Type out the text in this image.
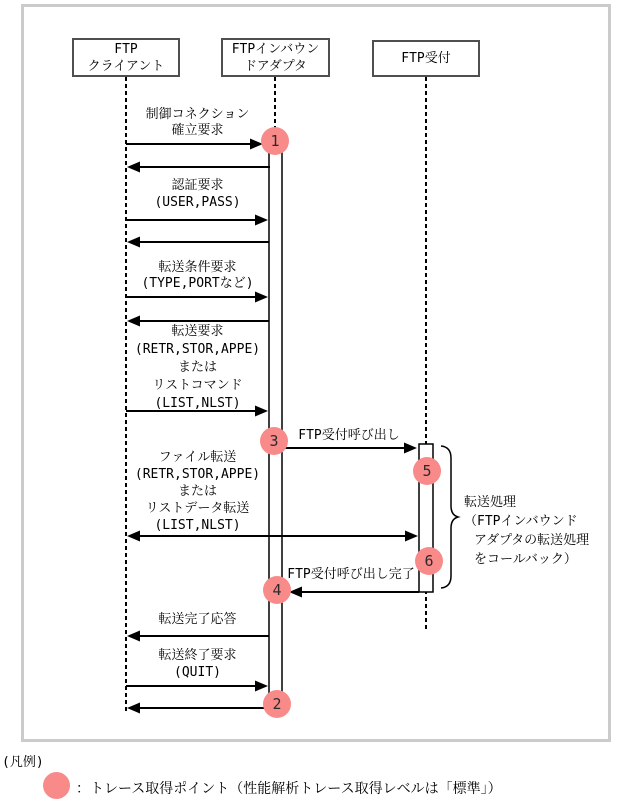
FTP
クライアント
FTPインバウン
ドアダプタ	FTP受付
制御コネクション
確立要求
認証要求
(USER,PASS)
転送条件要求
(TYPE,PORTなど)
転送要求
(RETR,STOR,APPE)
または
リストコマンド
(LIST,NLST)
FTP受付呼び出し
ファイル転送
(RETR,STOR,APPE)
または
リストデータ転送
(LIST,NLST)
FTP受付呼び出し完了
転送完了応答
転送終了要求
(QUIT)
1
2
3
4
5
6
転送処理
（FTPインバウンド
アダプタの転送処理
をコールバック）
(凡例)
：トレース取得ポイント（性能解析トレース取得レベルは「標準」）
